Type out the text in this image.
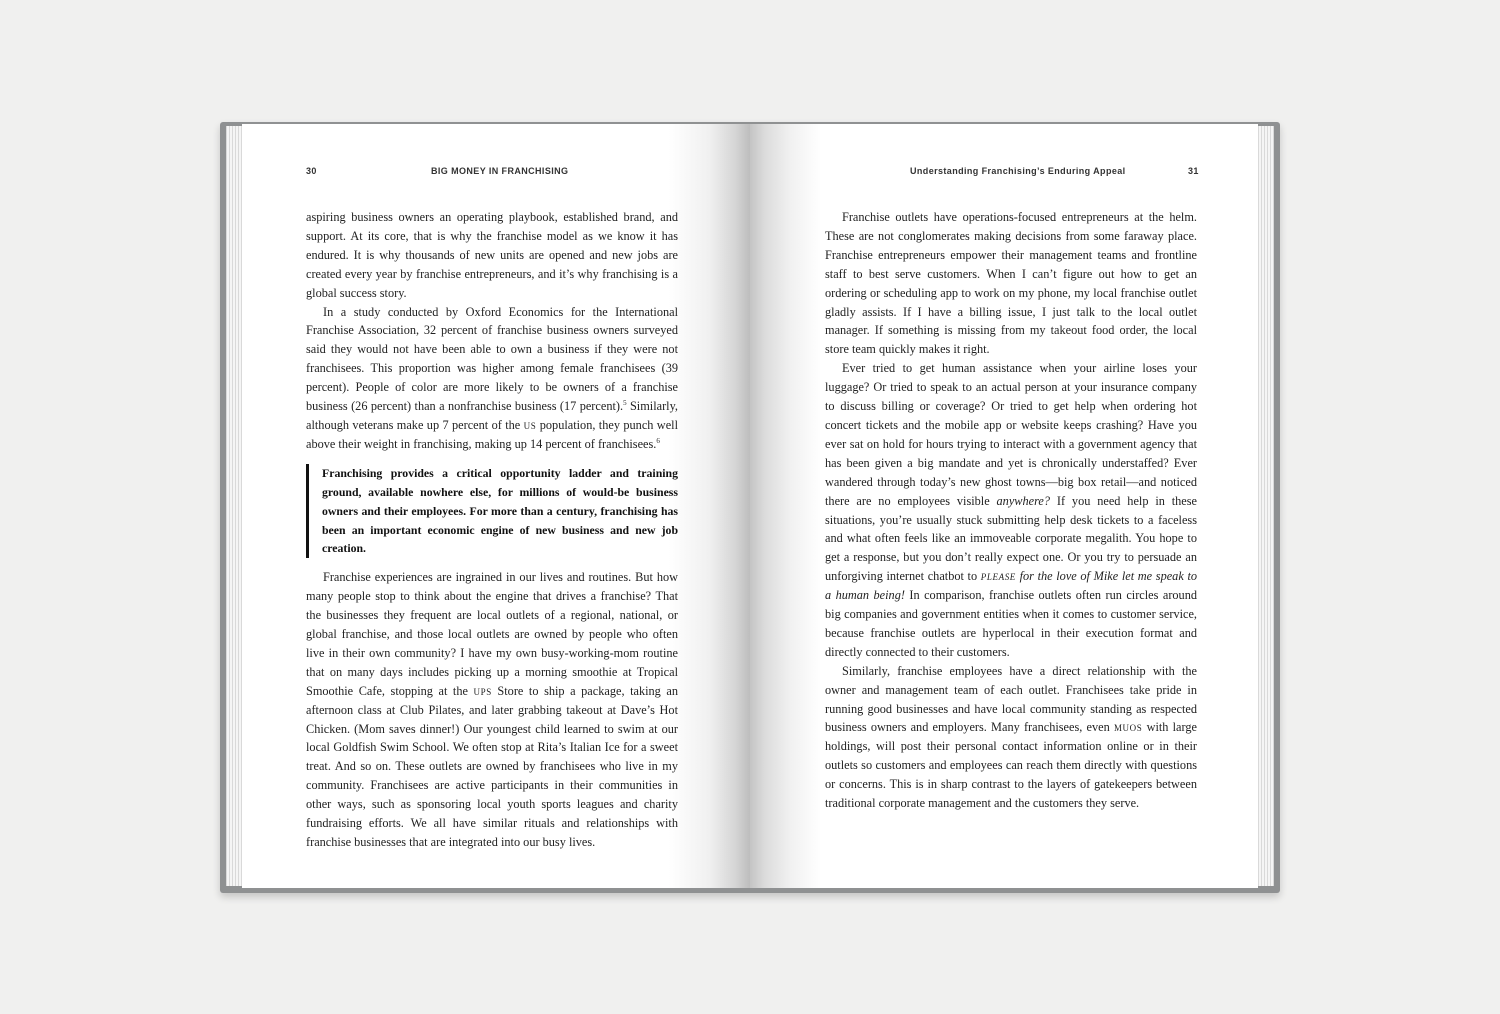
30	BIG MONEY IN FRANCHISING

aspiring business owners an operating playbook, established brand, and support. At its core, that is why the franchise model as we know it has endured. It is why thousands of new units are opened and new jobs are created every year by franchise entrepreneurs, and it’s why franchising is a global success story.

In a study conducted by Oxford Economics for the International Franchise Association, 32 percent of franchise business owners surveyed said they would not have been able to own a business if they were not franchisees. This proportion was higher among female franchisees (39 percent). People of color are more likely to be owners of a franchise business (26 percent) than a nonfranchise business (17 percent).$^5$ Similarly, although veterans make up 7 percent of the us population, they punch well above their weight in franchising, making up 14 percent of franchisees.$^6$

Franchising provides a critical opportunity ladder and training ground, available nowhere else, for millions of would-be business owners and their employees. For more than a century, franchising has been an important economic engine of new business and new job creation.

Franchise experiences are ingrained in our lives and routines. But how many people stop to think about the engine that drives a franchise? That the businesses they frequent are local outlets of a regional, national, or global franchise, and those local outlets are owned by people who often live in their own community? I have my own busy-working-mom routine that on many days includes picking up a morning smoothie at Tropical Smoothie Cafe, stopping at the ups Store to ship a package, taking an afternoon class at Club Pilates, and later grabbing takeout at Dave’s Hot Chicken. (Mom saves dinner!) Our youngest child learned to swim at our local Goldfish Swim School. We often stop at Rita’s Italian Ice for a sweet treat. And so on. These outlets are owned by franchisees who live in my community. Franchisees are active participants in their communities in other ways, such as sponsoring local youth sports leagues and charity fundraising efforts. We all have similar rituals and relationships with franchise businesses that are integrated into our busy lives.

Understanding Franchising’s Enduring Appeal	31

Franchise outlets have operations-focused entrepreneurs at the helm. These are not conglomerates making decisions from some faraway place. Franchise entrepreneurs empower their management teams and frontline staff to best serve customers. When I can’t figure out how to get an ordering or scheduling app to work on my phone, my local franchise outlet gladly assists. If I have a billing issue, I just talk to the local outlet manager. If something is missing from my takeout food order, the local store team quickly makes it right.

Ever tried to get human assistance when your airline loses your luggage? Or tried to speak to an actual person at your insurance company to discuss billing or coverage? Or tried to get help when ordering hot concert tickets and the mobile app or website keeps crashing? Have you ever sat on hold for hours trying to interact with a government agency that has been given a big mandate and yet is chronically understaffed? Ever wandered through today’s new ghost towns—big box retail—and noticed there are no employees visible anywhere? If you need help in these situations, you’re usually stuck submitting help desk tickets to a faceless and what often feels like an immoveable corporate megalith. You hope to get a response, but you don’t really expect one. Or you try to persuade an unforgiving internet chatbot to please for the love of Mike let me speak to a human being! In comparison, franchise outlets often run circles around big companies and government entities when it comes to customer service, because franchise outlets are hyperlocal in their execution format and directly connected to their customers.

Similarly, franchise employees have a direct relationship with the owner and management team of each outlet. Franchisees take pride in running good businesses and have local community standing as respected business owners and employers. Many franchisees, even muos with large holdings, will post their personal contact information online or in their outlets so customers and employees can reach them directly with questions or concerns. This is in sharp contrast to the layers of gatekeepers between traditional corporate management and the customers they serve.
